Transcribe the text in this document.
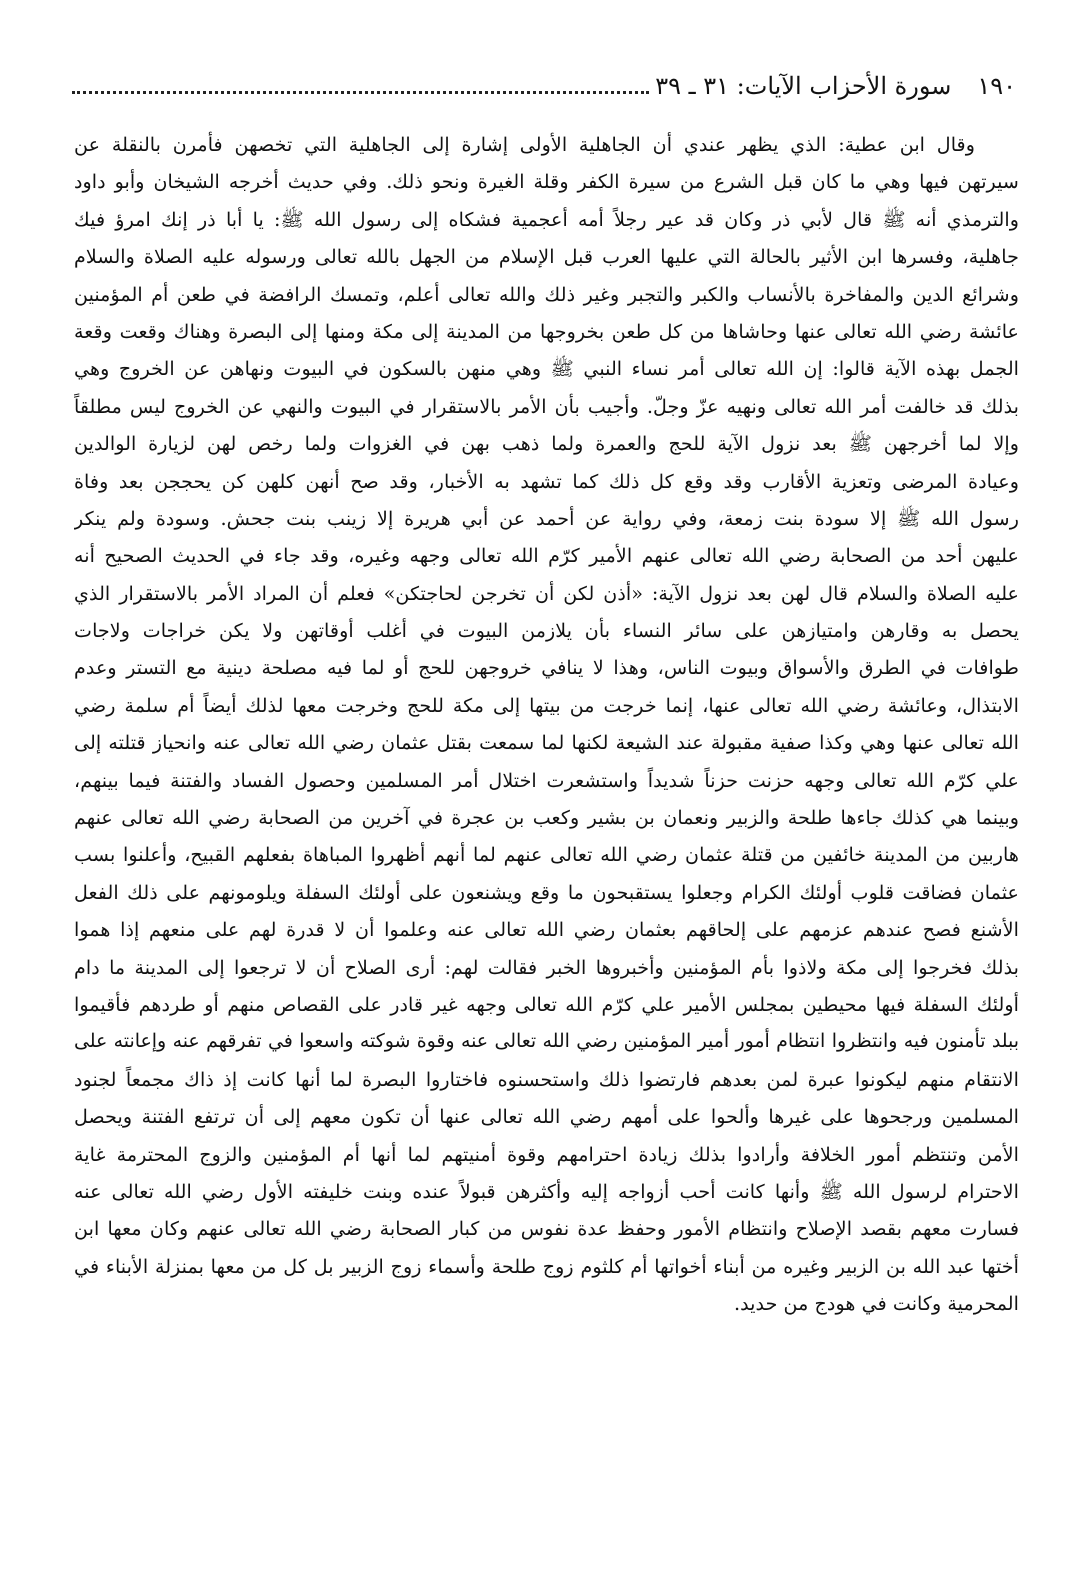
١٩٠
سورة الأحزاب الآيات: ٣١ ـ ٣٩
وقال ابن عطية: الذي يظهر عندي أن الجاهلية الأولى إشارة إلى الجاهلية التي تخصهن فأمرن بالنقلة عن
سيرتهن فيها وهي ما كان قبل الشرع من سيرة الكفر وقلة الغيرة ونحو ذلك. وفي حديث أخرجه الشيخان وأبو داود
والترمذي أنه ﷺ قال لأبي ذر وكان قد عير رجلاً أمه أعجمية فشكاه إلى رسول الله ﷺ: يا أبا ذر إنك امرؤ فيك
جاهلية، وفسرها ابن الأثير بالحالة التي عليها العرب قبل الإسلام من الجهل بالله تعالى ورسوله عليه الصلاة والسلام
وشرائع الدين والمفاخرة بالأنساب والكبر والتجبر وغير ذلك والله تعالى أعلم، وتمسك الرافضة في طعن أم المؤمنين
عائشة رضي الله تعالى عنها وحاشاها من كل طعن بخروجها من المدينة إلى مكة ومنها إلى البصرة وهناك وقعت وقعة
الجمل بهذه الآية قالوا: إن الله تعالى أمر نساء النبي ﷺ وهي منهن بالسكون في البيوت ونهاهن عن الخروج وهي
بذلك قد خالفت أمر الله تعالى ونهيه عزّ وجلّ. وأجيب بأن الأمر بالاستقرار في البيوت والنهي عن الخروج ليس مطلقاً
وإلا لما أخرجهن ﷺ بعد نزول الآية للحج والعمرة ولما ذهب بهن في الغزوات ولما رخص لهن لزيارة الوالدين
وعيادة المرضى وتعزية الأقارب وقد وقع كل ذلك كما تشهد به الأخبار، وقد صح أنهن كلهن كن يحججن بعد وفاة
رسول الله ﷺ إلا سودة بنت زمعة، وفي رواية عن أحمد عن أبي هريرة إلا زينب بنت جحش. وسودة ولم ينكر
عليهن أحد من الصحابة رضي الله تعالى عنهم الأمير كرّم الله تعالى وجهه وغيره، وقد جاء في الحديث الصحيح أنه
عليه الصلاة والسلام قال لهن بعد نزول الآية: «أذن لكن أن تخرجن لحاجتكن» فعلم أن المراد الأمر بالاستقرار الذي
يحصل به وقارهن وامتيازهن على سائر النساء بأن يلازمن البيوت في أغلب أوقاتهن ولا يكن خراجات ولاجات
طوافات في الطرق والأسواق وبيوت الناس، وهذا لا ينافي خروجهن للحج أو لما فيه مصلحة دينية مع التستر وعدم
الابتذال، وعائشة رضي الله تعالى عنها، إنما خرجت من بيتها إلى مكة للحج وخرجت معها لذلك أيضاً أم سلمة رضي
الله تعالى عنها وهي وكذا صفية مقبولة عند الشيعة لكنها لما سمعت بقتل عثمان رضي الله تعالى عنه وانحياز قتلته إلى
علي كرّم الله تعالى وجهه حزنت حزناً شديداً واستشعرت اختلال أمر المسلمين وحصول الفساد والفتنة فيما بينهم،
وبينما هي كذلك جاءها طلحة والزبير ونعمان بن بشير وكعب بن عجرة في آخرين من الصحابة رضي الله تعالى عنهم
هاربين من المدينة خائفين من قتلة عثمان رضي الله تعالى عنهم لما أنهم أظهروا المباهاة بفعلهم القبيح، وأعلنوا بسب
عثمان فضاقت قلوب أولئك الكرام وجعلوا يستقبحون ما وقع ويشنعون على أولئك السفلة ويلومونهم على ذلك الفعل
الأشنع فصح عندهم عزمهم على إلحاقهم بعثمان رضي الله تعالى عنه وعلموا أن لا قدرة لهم على منعهم إذا هموا
بذلك فخرجوا إلى مكة ولاذوا بأم المؤمنين وأخبروها الخبر فقالت لهم: أرى الصلاح أن لا ترجعوا إلى المدينة ما دام
أولئك السفلة فيها محيطين بمجلس الأمير علي كرّم الله تعالى وجهه غير قادر على القصاص منهم أو طردهم فأقيموا
ببلد تأمنون فيه وانتظروا انتظام أمور أمير المؤمنين رضي الله تعالى عنه وقوة شوكته واسعوا في تفرقهم عنه وإعانته على
الانتقام منهم ليكونوا عبرة لمن بعدهم فارتضوا ذلك واستحسنوه فاختاروا البصرة لما أنها كانت إذ ذاك مجمعاً لجنود
المسلمين ورجحوها على غيرها وألحوا على أمهم رضي الله تعالى عنها أن تكون معهم إلى أن ترتفع الفتنة ويحصل
الأمن وتنتظم أمور الخلافة وأرادوا بذلك زيادة احترامهم وقوة أمنيتهم لما أنها أم المؤمنين والزوج المحترمة غاية
الاحترام لرسول الله ﷺ وأنها كانت أحب أزواجه إليه وأكثرهن قبولاً عنده وبنت خليفته الأول رضي الله تعالى عنه
فسارت معهم بقصد الإصلاح وانتظام الأمور وحفظ عدة نفوس من كبار الصحابة رضي الله تعالى عنهم وكان معها ابن
أختها عبد الله بن الزبير وغيره من أبناء أخواتها أم كلثوم زوج طلحة وأسماء زوج الزبير بل كل من معها بمنزلة الأبناء في
المحرمية وكانت في هودج من حديد.
